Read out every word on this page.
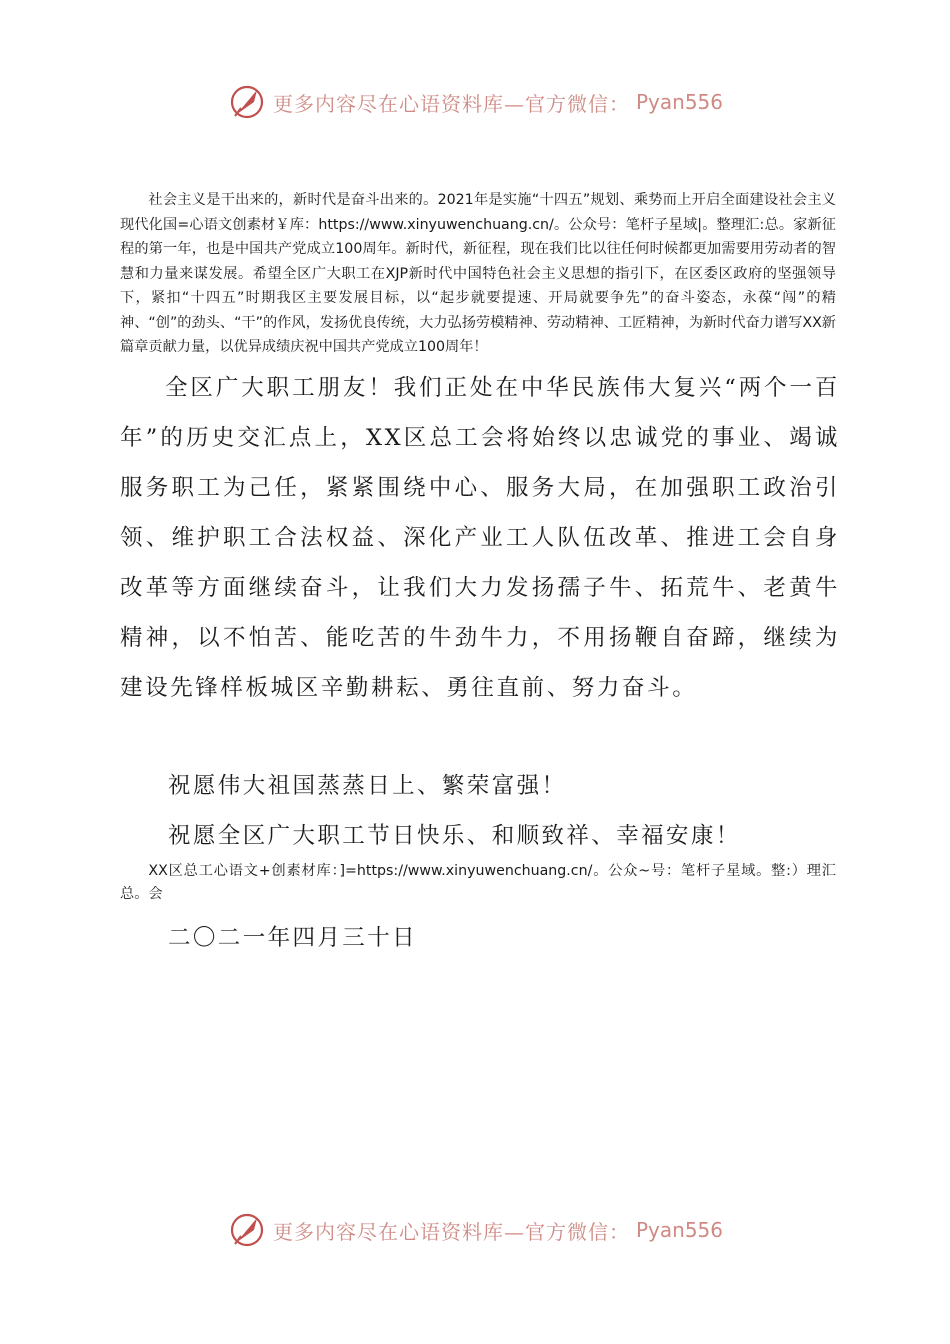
更多内容尽在心语资料库—官方微信： Pyan556

社会主义是干出来的，新时代是奋斗出来的。2021年是实施“十四五”规划、乘势而上开启全面建设社会主义现代化国=心语文创素材￥库：https://www.xinyuwenchuang.cn/。公众号：笔杆子星域|。整理汇:总。家新征程的第一年，也是中国共产党成立100周年。新时代，新征程，现在我们比以往任何时候都更加需要用劳动者的智慧和力量来谋发展。希望全区广大职工在XJP新时代中国特色社会主义思想的指引下，在区委区政府的坚强领导下，紧扣“十四五”时期我区主要发展目标，以“起步就要提速、开局就要争先”的奋斗姿态，永葆“闯”的精神、“创”的劲头、“干”的作风，发扬优良传统，大力弘扬劳模精神、劳动精神、工匠精神，为新时代奋力谱写XX新篇章贡献力量，以优异成绩庆祝中国共产党成立100周年！

全区广大职工朋友！我们正处在中华民族伟大复兴“两个一百年”的历史交汇点上，XX区总工会将始终以忠诚党的事业、竭诚服务职工为己任，紧紧围绕中心、服务大局，在加强职工政治引领、维护职工合法权益、深化产业工人队伍改革、推进工会自身改革等方面继续奋斗，让我们大力发扬孺子牛、拓荒牛、老黄牛精神，以不怕苦、能吃苦的牛劲牛力，不用扬鞭自奋蹄，继续为建设先锋样板城区辛勤耕耘、勇往直前、努力奋斗。

祝愿伟大祖国蒸蒸日上、繁荣富强！

祝愿全区广大职工节日快乐、和顺致祥、幸福安康！

XX区总工心语文+创素材库：]=https://www.xinyuwenchuang.cn/。公众~号：笔杆子星域。整:）理汇总。会

二〇二一年四月三十日

更多内容尽在心语资料库—官方微信： Pyan556
